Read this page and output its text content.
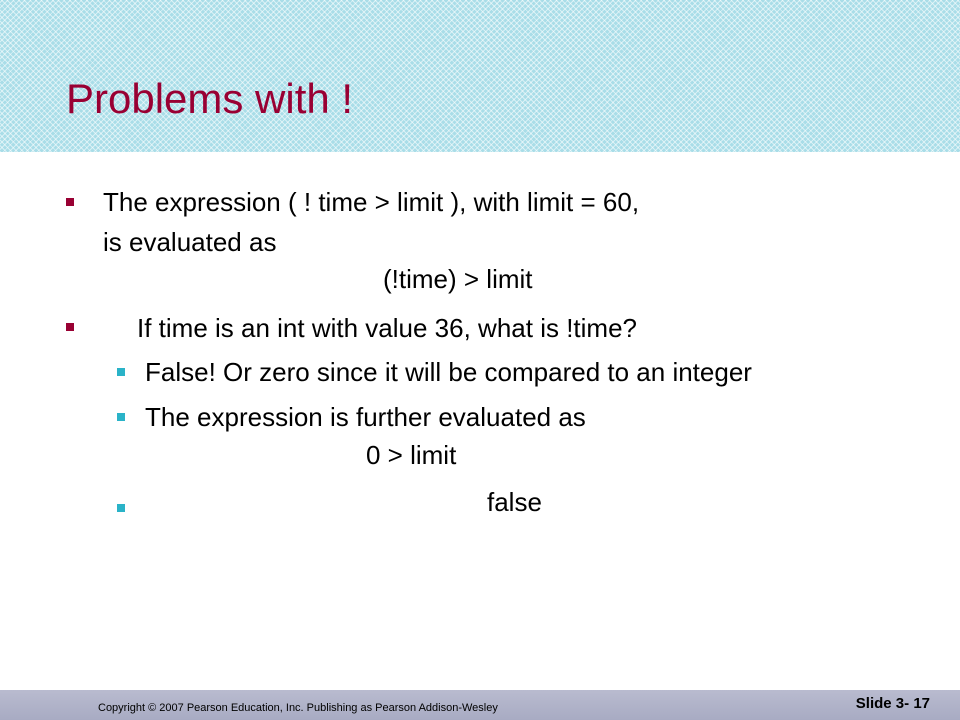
Problems with !
The expression ( ! time > limit ), with limit = 60,
is evaluated as
(!time) > limit
If time is an int with value 36, what is !time?
False! Or zero since it will be compared to an integer
The expression is further evaluated as
0 > limit
false
Copyright © 2007 Pearson Education, Inc. Publishing as Pearson Addison-Wesley	Slide 3- 17
